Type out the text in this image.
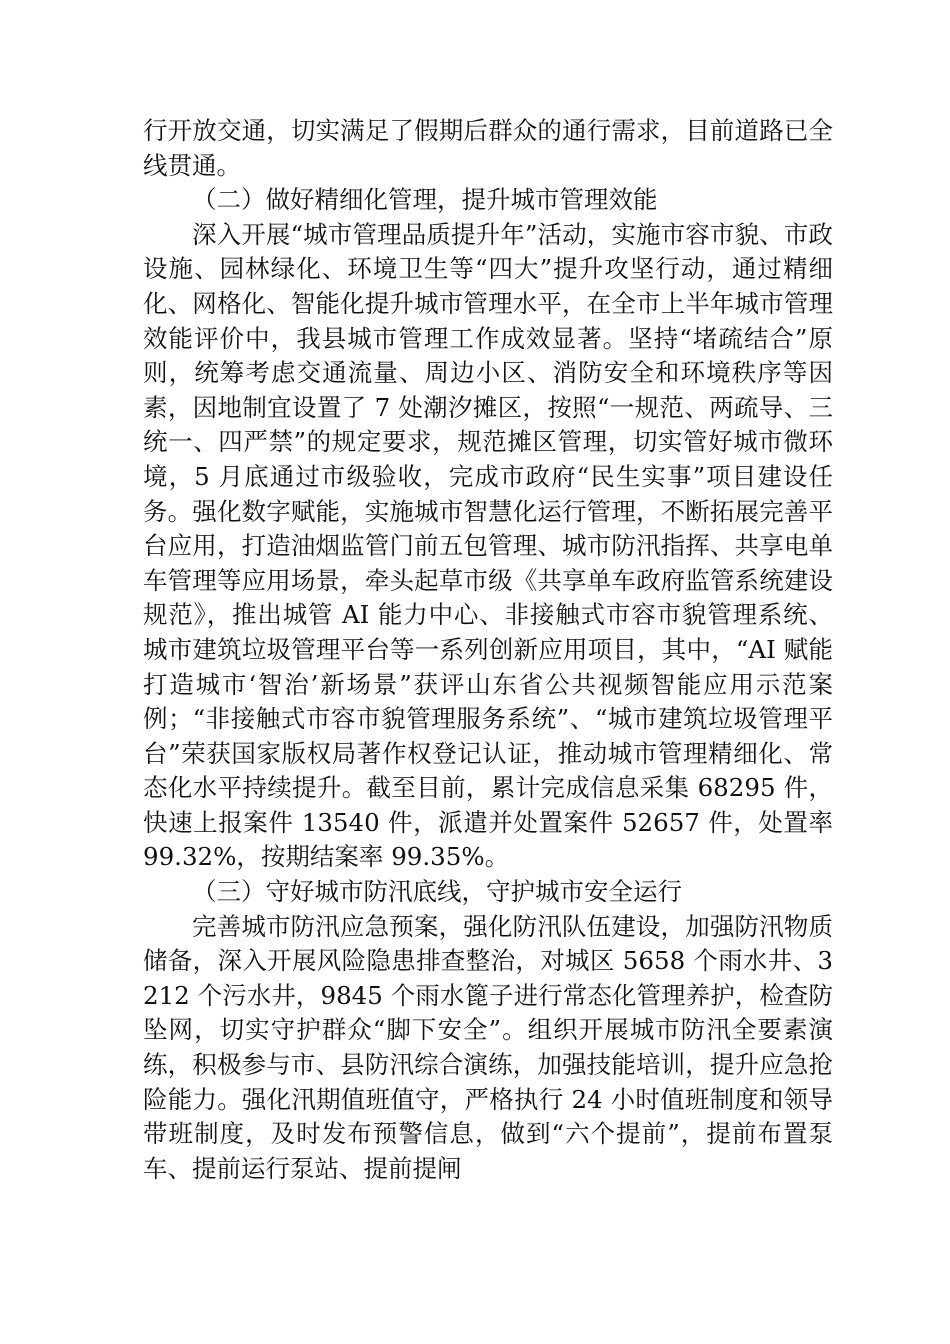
行开放交通，切实满足了假期后群众的通行需求，目前道路已全线贯通。

（二）做好精细化管理，提升城市管理效能

深入开展“城市管理品质提升年”活动，实施市容市貌、市政设施、园林绿化、环境卫生等“四大”提升攻坚行动，通过精细化、网格化、智能化提升城市管理水平，在全市上半年城市管理效能评价中，我县城市管理工作成效显著。坚持“堵疏结合”原则，统筹考虑交通流量、周边小区、消防安全和环境秩序等因素，因地制宜设置了 7 处潮汐摊区，按照“一规范、两疏导、三统一、四严禁”的规定要求，规范摊区管理，切实管好城市微环境，5 月底通过市级验收，完成市政府“民生实事”项目建设任务。强化数字赋能，实施城市智慧化运行管理，不断拓展完善平台应用，打造油烟监管门前五包管理、城市防汛指挥、共享电单车管理等应用场景，牵头起草市级《共享单车政府监管系统建设规范》，推出城管 AI 能力中心、非接触式市容市貌管理系统、城市建筑垃圾管理平台等一系列创新应用项目，其中，“AI 赋能打造城市‘智治’新场景”获评山东省公共视频智能应用示范案例；“非接触式市容市貌管理服务系统”、“城市建筑垃圾管理平台”荣获国家版权局著作权登记认证，推动城市管理精细化、常态化水平持续提升。截至目前，累计完成信息采集 68295 件，快速上报案件 13540 件，派遣并处置案件 52657 件，处置率 99.32%，按期结案率 99.35%。

（三）守好城市防汛底线，守护城市安全运行

完善城市防汛应急预案，强化防汛队伍建设，加强防汛物质储备，深入开展风险隐患排查整治，对城区 5658 个雨水井、3212 个污水井，9845 个雨水篦子进行常态化管理养护，检查防坠网，切实守护群众“脚下安全”。组织开展城市防汛全要素演练，积极参与市、县防汛综合演练，加强技能培训，提升应急抢险能力。强化汛期值班值守，严格执行 24 小时值班制度和领导带班制度，及时发布预警信息，做到“六个提前”，提前布置泵车、提前运行泵站、提前提闸
